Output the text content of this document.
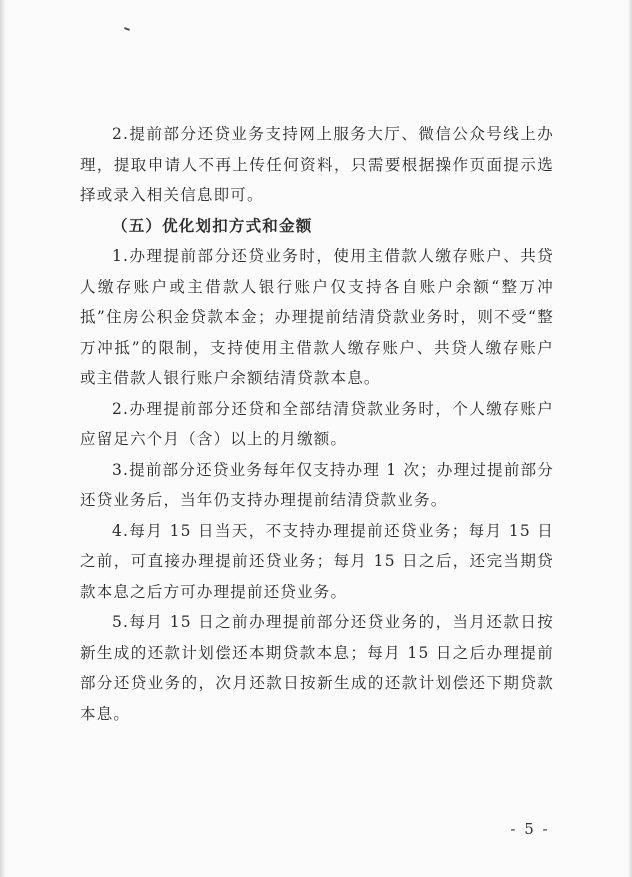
2.提前部分还贷业务支持网上服务大厅、微信公众号线上办理，提取申请人不再上传任何资料，只需要根据操作页面提示选择或录入相关信息即可。

（五）优化划扣方式和金额

1.办理提前部分还贷业务时，使用主借款人缴存账户、共贷人缴存账户或主借款人银行账户仅支持各自账户余额“整万冲抵”住房公积金贷款本金；办理提前结清贷款业务时，则不受“整万冲抵”的限制，支持使用主借款人缴存账户、共贷人缴存账户或主借款人银行账户余额结清贷款本息。

2.办理提前部分还贷和全部结清贷款业务时，个人缴存账户应留足六个月（含）以上的月缴额。

3.提前部分还贷业务每年仅支持办理 1 次；办理过提前部分还贷业务后，当年仍支持办理提前结清贷款业务。

4.每月 15 日当天，不支持办理提前还贷业务；每月 15 日之前，可直接办理提前还贷业务；每月 15 日之后，还完当期贷款本息之后方可办理提前还贷业务。

5.每月 15 日之前办理提前部分还贷业务的，当月还款日按新生成的还款计划偿还本期贷款本息；每月 15 日之后办理提前部分还贷业务的，次月还款日按新生成的还款计划偿还下期贷款本息。

- 5 -
